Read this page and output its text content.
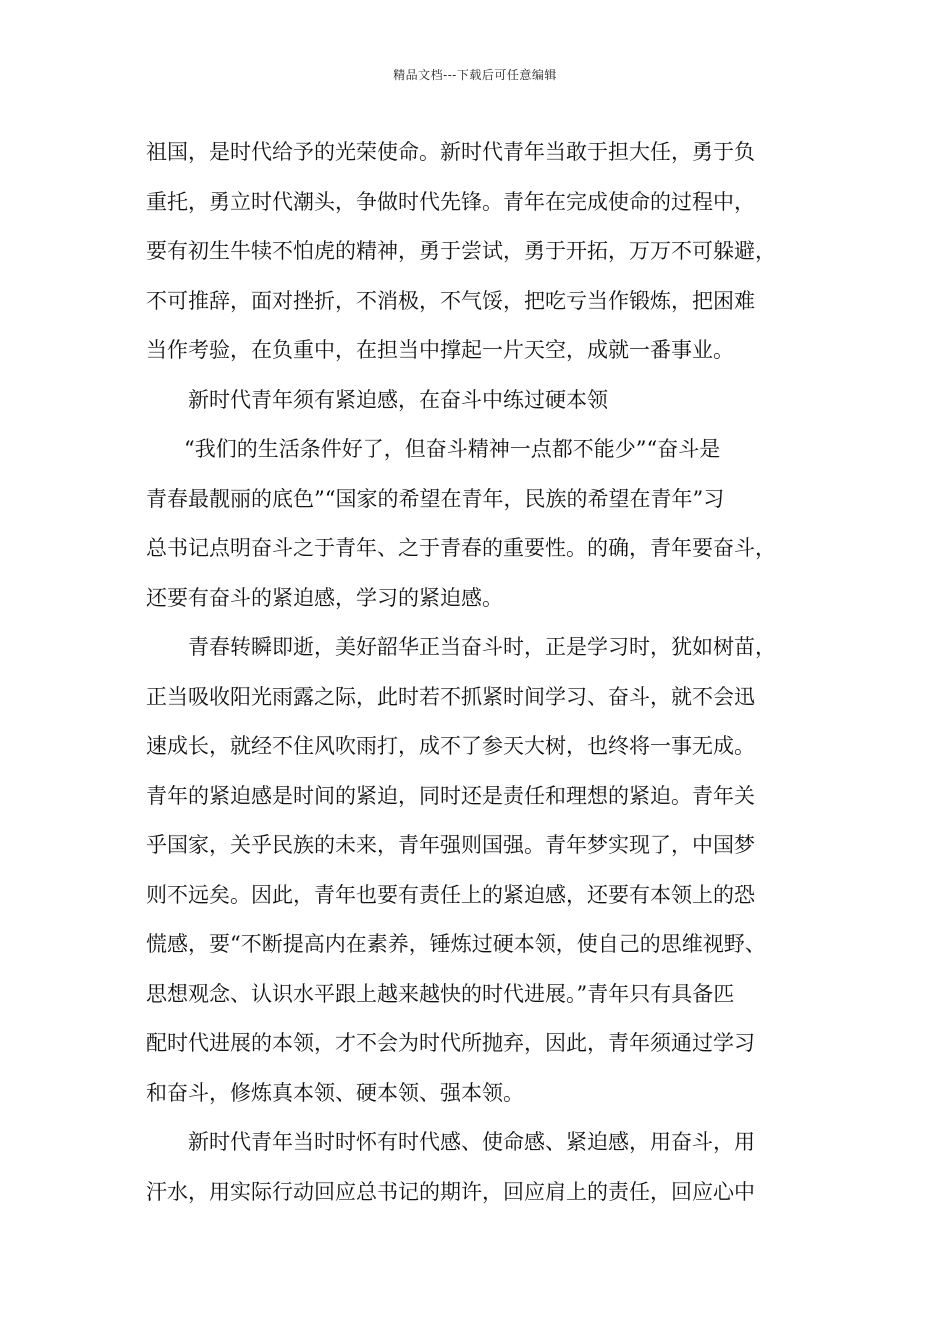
精品文档---下载后可任意编辑
祖国，是时代给予的光荣使命。新时代青年当敢于担大任，勇于负
重托，勇立时代潮头，争做时代先锋。青年在完成使命的过程中，
要有初生牛犊不怕虎的精神，勇于尝试，勇于开拓，万万不可躲避，
不可推辞，面对挫折，不消极，不气馁，把吃亏当作锻炼，把困难
当作考验，在负重中，在担当中撑起一片天空，成就一番事业。
新时代青年须有紧迫感，在奋斗中练过硬本领
“我们的生活条件好了，但奋斗精神一点都不能少”“奋斗是
青春最靓丽的底色”“国家的希望在青年，民族的希望在青年”习
总书记点明奋斗之于青年、之于青春的重要性。的确，青年要奋斗，
还要有奋斗的紧迫感，学习的紧迫感。
青春转瞬即逝，美好韶华正当奋斗时，正是学习时，犹如树苗，
正当吸收阳光雨露之际，此时若不抓紧时间学习、奋斗，就不会迅
速成长，就经不住风吹雨打，成不了参天大树，也终将一事无成。
青年的紧迫感是时间的紧迫，同时还是责任和理想的紧迫。青年关
乎国家，关乎民族的未来，青年强则国强。青年梦实现了，中国梦
则不远矣。因此，青年也要有责任上的紧迫感，还要有本领上的恐
慌感，要“不断提高内在素养，锤炼过硬本领，使自己的思维视野、
思想观念、认识水平跟上越来越快的时代进展。”青年只有具备匹
配时代进展的本领，才不会为时代所抛弃，因此，青年须通过学习
和奋斗，修炼真本领、硬本领、强本领。
新时代青年当时时怀有时代感、使命感、紧迫感，用奋斗，用
汗水，用实际行动回应总书记的期许，回应肩上的责任，回应心中
